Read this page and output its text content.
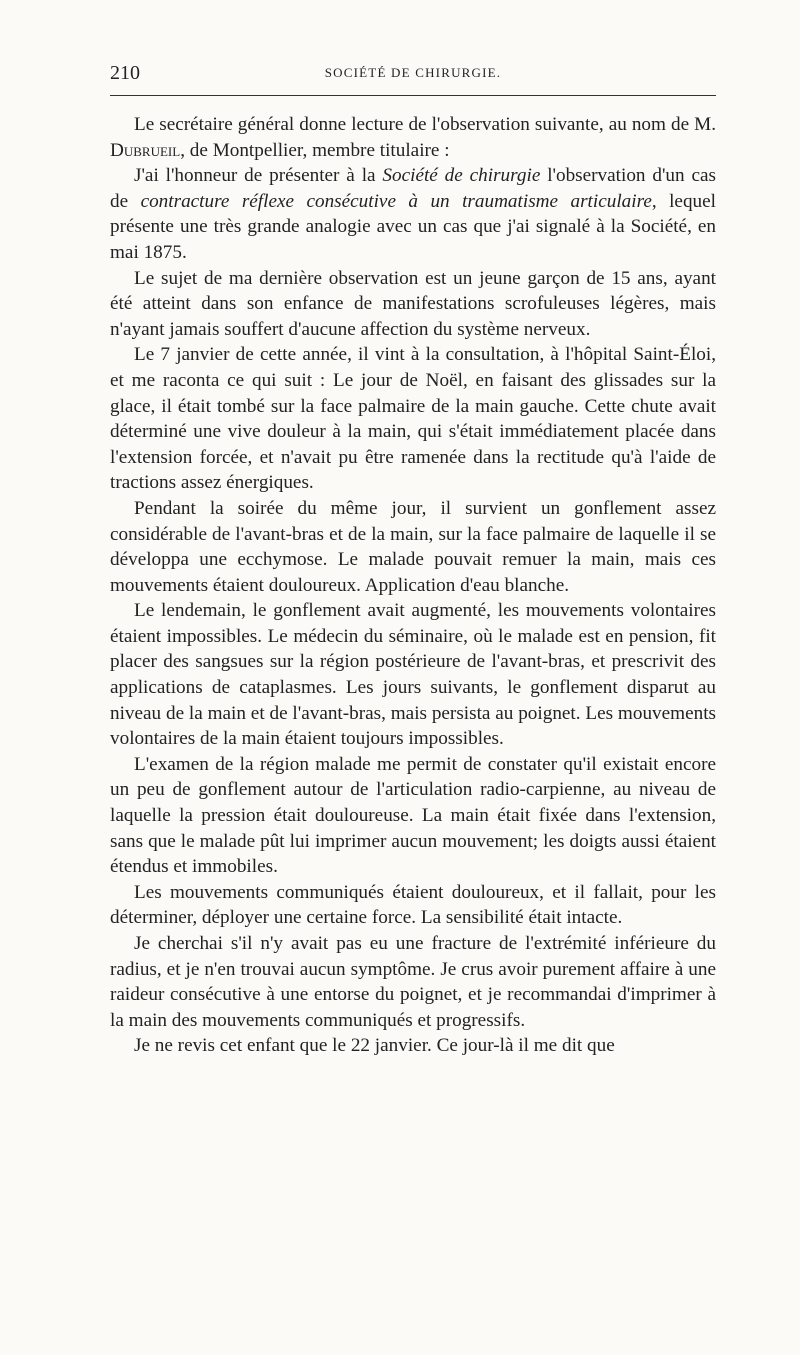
210	SOCIÉTÉ DE CHIRURGIE.

Le secrétaire général donne lecture de l'observation suivante, au nom de M. Dubrueil, de Montpellier, membre titulaire :

J'ai l'honneur de présenter à la Société de chirurgie l'observation d'un cas de contracture réflexe consécutive à un traumatisme articulaire, lequel présente une très grande analogie avec un cas que j'ai signalé à la Société, en mai 1875.

Le sujet de ma dernière observation est un jeune garçon de 15 ans, ayant été atteint dans son enfance de manifestations scrofuleuses légères, mais n'ayant jamais souffert d'aucune affection du système nerveux.

Le 7 janvier de cette année, il vint à la consultation, à l'hôpital Saint-Éloi, et me raconta ce qui suit : Le jour de Noël, en faisant des glissades sur la glace, il était tombé sur la face palmaire de la main gauche. Cette chute avait déterminé une vive douleur à la main, qui s'était immédiatement placée dans l'extension forcée, et n'avait pu être ramenée dans la rectitude qu'à l'aide de tractions assez énergiques.

Pendant la soirée du même jour, il survient un gonflement assez considérable de l'avant-bras et de la main, sur la face palmaire de laquelle il se développa une ecchymose. Le malade pouvait remuer la main, mais ces mouvements étaient douloureux. Application d'eau blanche.

Le lendemain, le gonflement avait augmenté, les mouvements volontaires étaient impossibles. Le médecin du séminaire, où le malade est en pension, fit placer des sangsues sur la région postérieure de l'avant-bras, et prescrivit des applications de cataplasmes. Les jours suivants, le gonflement disparut au niveau de la main et de l'avant-bras, mais persista au poignet. Les mouvements volontaires de la main étaient toujours impossibles.

L'examen de la région malade me permit de constater qu'il existait encore un peu de gonflement autour de l'articulation radio-carpienne, au niveau de laquelle la pression était douloureuse. La main était fixée dans l'extension, sans que le malade pût lui imprimer aucun mouvement; les doigts aussi étaient étendus et immobiles.

Les mouvements communiqués étaient douloureux, et il fallait, pour les déterminer, déployer une certaine force. La sensibilité était intacte.

Je cherchai s'il n'y avait pas eu une fracture de l'extrémité inférieure du radius, et je n'en trouvai aucun symptôme. Je crus avoir purement affaire à une raideur consécutive à une entorse du poignet, et je recommandai d'imprimer à la main des mouvements communiqués et progressifs.

Je ne revis cet enfant que le 22 janvier. Ce jour-là il me dit que
